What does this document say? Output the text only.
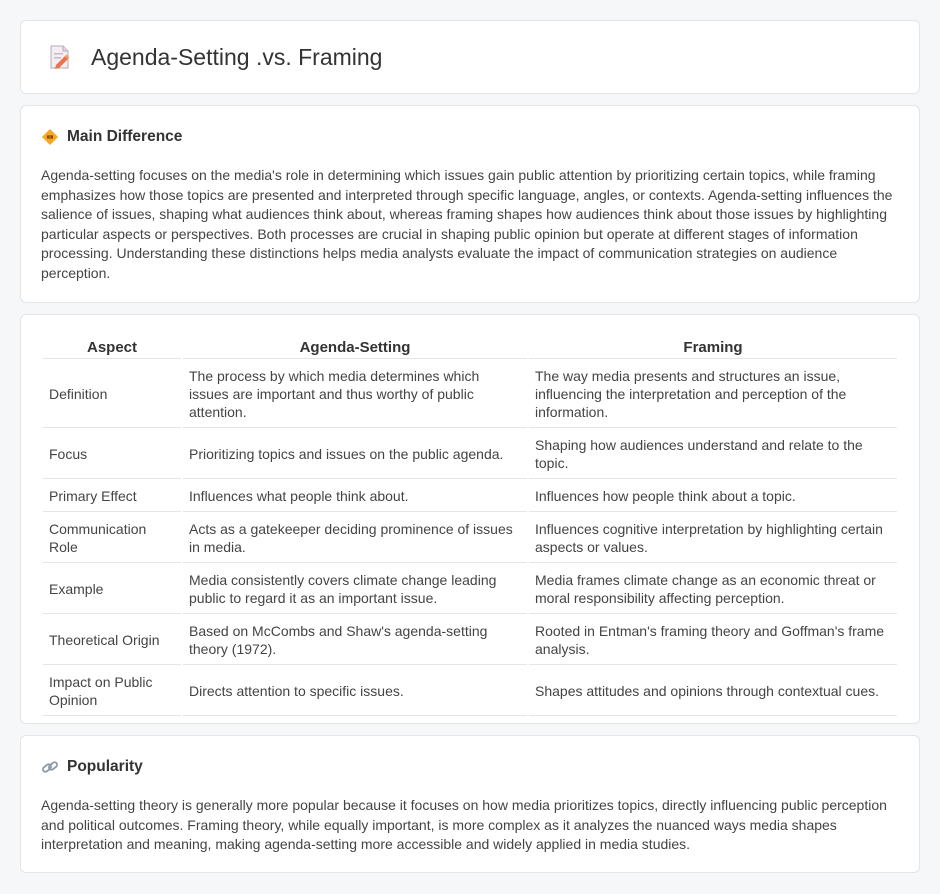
Agenda-Setting .vs. Framing
Main Difference

Agenda-setting focuses on the media's role in determining which issues gain public attention by prioritizing certain topics, while framing emphasizes how those topics are presented and interpreted through specific language, angles, or contexts. Agenda-setting influences the salience of issues, shaping what audiences think about, whereas framing shapes how audiences think about those issues by highlighting particular aspects or perspectives. Both processes are crucial in shaping public opinion but operate at different stages of information processing. Understanding these distinctions helps media analysts evaluate the impact of communication strategies on audience perception.

Aspect	Agenda-Setting	Framing
Definition	The process by which media determines which issues are important and thus worthy of public attention.	The way media presents and structures an issue, influencing the interpretation and perception of the information.
Focus	Prioritizing topics and issues on the public agenda.	Shaping how audiences understand and relate to the topic.
Primary Effect	Influences what people think about.	Influences how people think about a topic.
Communication Role	Acts as a gatekeeper deciding prominence of issues in media.	Influences cognitive interpretation by highlighting certain aspects or values.
Example	Media consistently covers climate change leading public to regard it as an important issue.	Media frames climate change as an economic threat or moral responsibility affecting perception.
Theoretical Origin	Based on McCombs and Shaw's agenda-setting theory (1972).	Rooted in Entman's framing theory and Goffman's frame analysis.
Impact on Public Opinion	Directs attention to specific issues.	Shapes attitudes and opinions through contextual cues.
Popularity

Agenda-setting theory is generally more popular because it focuses on how media prioritizes topics, directly influencing public perception and political outcomes. Framing theory, while equally important, is more complex as it analyzes the nuanced ways media shapes interpretation and meaning, making agenda-setting more accessible and widely applied in media studies.
